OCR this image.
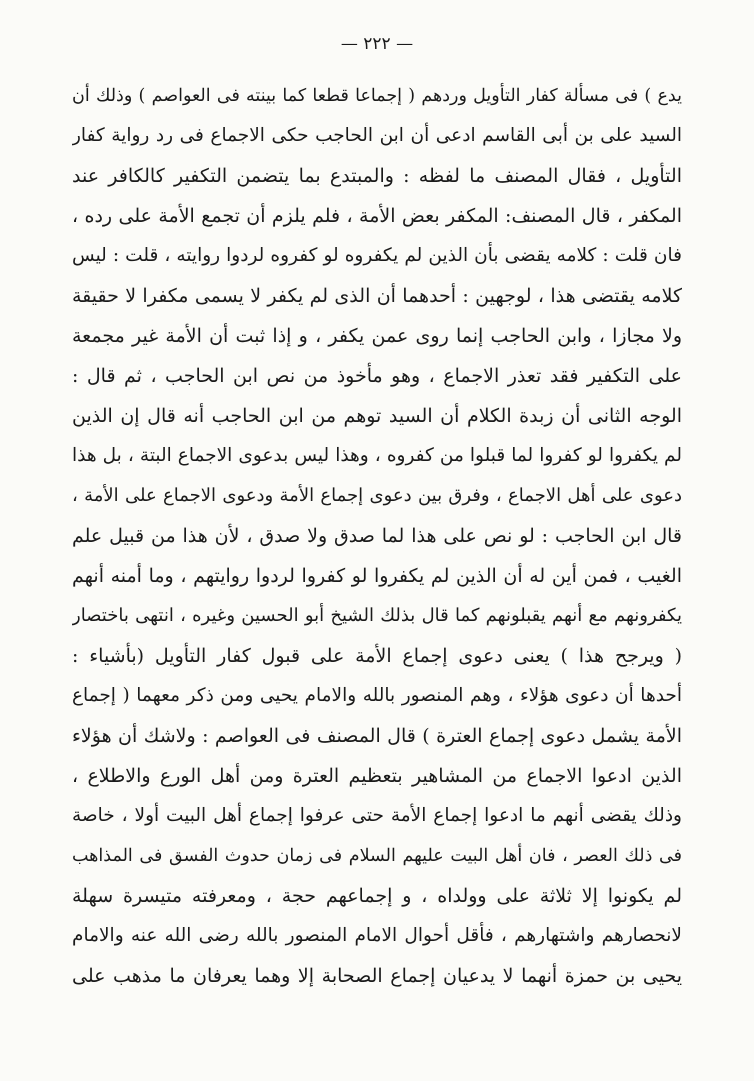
— ٢٢٢ —
يدع ) فى مسألة كفار التأويل وردهم ( إجماعا قطعا كما بينته فى العواصم ) وذلك أن
السيد على بن أبى القاسم ادعى أن ابن الحاجب حكى الاجماع فى رد رواية كفار
التأويل ، فقال المصنف ما لفظه : والمبتدع بما يتضمن التكفير كالكافر عند
المكفر ، قال المصنف: المكفر بعض الأمة ، فلم يلزم أن تجمع الأمة على رده ،
فان قلت : كلامه يقضى بأن الذين لم يكفروه لو كفروه لردوا روايته ، قلت : ليس
كلامه يقتضى هذا ، لوجهين : أحدهما أن الذى لم يكفر لا يسمى مكفرا لا حقيقة
ولا مجازا ، وابن الحاجب إنما روى عمن يكفر ، و إذا ثبت أن الأمة غير مجمعة
على التكفير فقد تعذر الاجماع ، وهو مأخوذ من نص ابن الحاجب ، ثم قال :
الوجه الثانى أن زبدة الكلام أن السيد توهم من ابن الحاجب أنه قال إن الذين
لم يكفروا لو كفروا لما قبلوا من كفروه ، وهذا ليس بدعوى الاجماع البتة ، بل هذا
دعوى على أهل الاجماع ، وفرق بين دعوى إجماع الأمة ودعوى الاجماع على الأمة ،
قال ابن الحاجب : لو نص على هذا لما صدق ولا صدق ، لأن هذا من قبيل علم
الغيب ، فمن أين له أن الذين لم يكفروا لو كفروا لردوا روايتهم ، وما أمنه أنهم
يكفرونهم مع أنهم يقبلونهم كما قال بذلك الشيخ أبو الحسين وغيره ، انتهى باختصار
( ويرجح هذا ) يعنى دعوى إجماع الأمة على قبول كفار التأويل (بأشياء :
أحدها أن دعوى هؤلاء ، وهم المنصور بالله والامام يحيى ومن ذكر معهما ( إجماع
الأمة يشمل دعوى إجماع العترة ) قال المصنف فى العواصم : ولاشك أن هؤلاء
الذين ادعوا الاجماع من المشاهير بتعظيم العترة ومن أهل الورع والاطلاع ،
وذلك يقضى أنهم ما ادعوا إجماع الأمة حتى عرفوا إجماع أهل البيت أولا ، خاصة
فى ذلك العصر ، فان أهل البيت عليهم السلام فى زمان حدوث الفسق فى المذاهب
لم يكونوا إلا ثلاثة على وولداه ، و إجماعهم حجة ، ومعرفته متيسرة سهلة
لانحصارهم واشتهارهم ، فأقل أحوال الامام المنصور بالله رضى الله عنه والامام
يحيى بن حمزة أنهما لا يدعيان إجماع الصحابة إلا وهما يعرفان ما مذهب على
